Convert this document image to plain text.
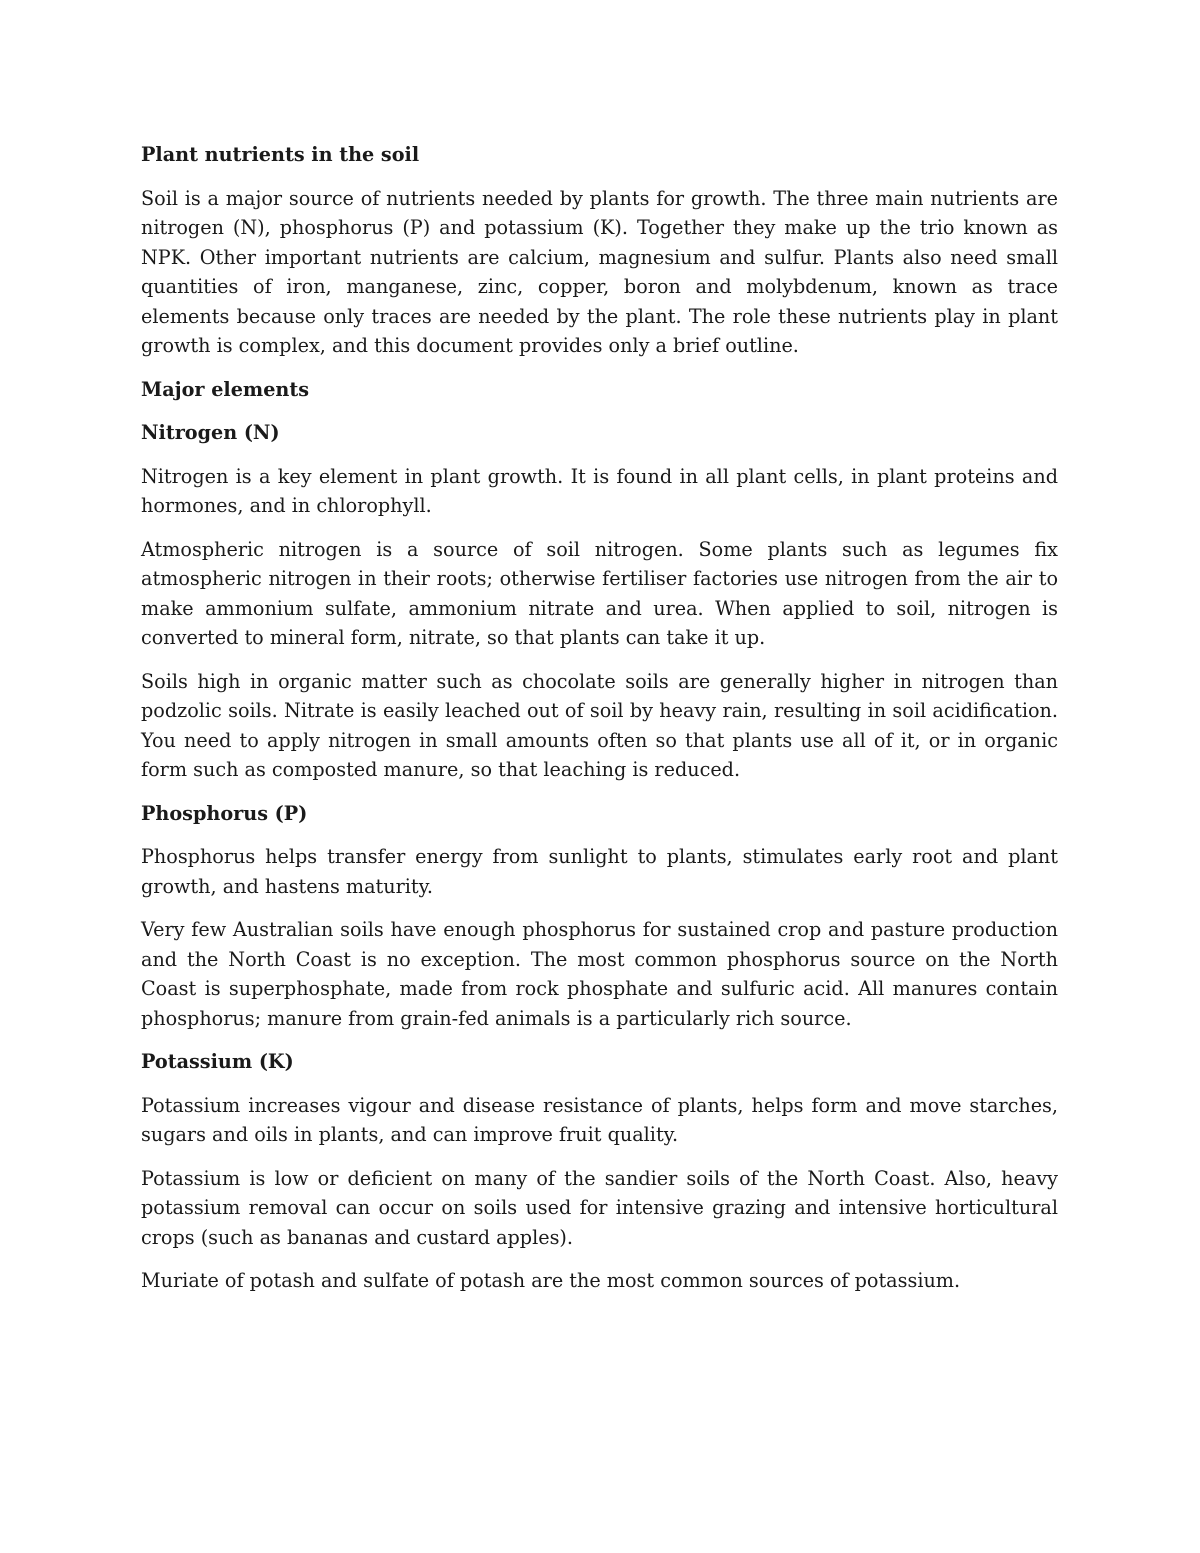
Plant nutrients in the soil
Soil is a major source of nutrients needed by plants for growth. The three main nutrients are nitrogen (N), phosphorus (P) and potassium (K). Together they make up the trio known as NPK. Other important nutrients are calcium, magnesium and sulfur. Plants also need small quantities of iron, manganese, zinc, copper, boron and molybdenum, known as trace elements because only traces are needed by the plant. The role these nutrients play in plant growth is complex, and this document provides only a brief outline.
Major elements
Nitrogen (N)
Nitrogen is a key element in plant growth. It is found in all plant cells, in plant proteins and hormones, and in chlorophyll.
Atmospheric nitrogen is a source of soil nitrogen. Some plants such as legumes fix atmospheric nitrogen in their roots; otherwise fertiliser factories use nitrogen from the air to make ammonium sulfate, ammonium nitrate and urea. When applied to soil, nitrogen is converted to mineral form, nitrate, so that plants can take it up.
Soils high in organic matter such as chocolate soils are generally higher in nitrogen than podzolic soils. Nitrate is easily leached out of soil by heavy rain, resulting in soil acidification. You need to apply nitrogen in small amounts often so that plants use all of it, or in organic form such as composted manure, so that leaching is reduced.
Phosphorus (P)
Phosphorus helps transfer energy from sunlight to plants, stimulates early root and plant growth, and hastens maturity.
Very few Australian soils have enough phosphorus for sustained crop and pasture production and the North Coast is no exception. The most common phosphorus source on the North Coast is superphosphate, made from rock phosphate and sulfuric acid. All manures contain phosphorus; manure from grain-fed animals is a particularly rich source.
Potassium (K)
Potassium increases vigour and disease resistance of plants, helps form and move starches, sugars and oils in plants, and can improve fruit quality.
Potassium is low or deficient on many of the sandier soils of the North Coast. Also, heavy potassium removal can occur on soils used for intensive grazing and intensive horticultural crops (such as bananas and custard apples).
Muriate of potash and sulfate of potash are the most common sources of potassium.
